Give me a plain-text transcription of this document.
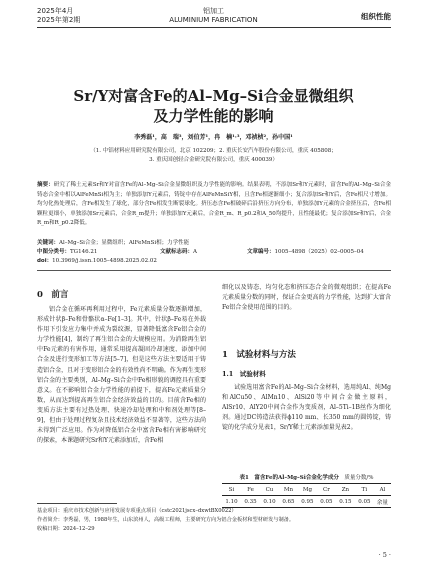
2025年4月
2025年第2期
铝加工
ALUMINIUM FABRICATION	组织性能
Sr/Y对富含Fe的Al–Mg–Si合金显微组织
及力学性能的影响
李秀磊¹，高　瑞³，刘伯芳¹，冉　楠¹·³，邓祯桢²，孙中国¹
（1. 中铝材料应用研究院有限公司，北京 102209；2. 重庆长安汽车股份有限公司，重庆 405808；
3. 重庆国创轻合金研究院有限公司，重庆 400039）
摘要：研究了稀土元素Sr和Y对富含Fe的Al–Mg–Si合金显微组织及力学性能的影响。结果表明，不添加Sr和Y元素时，富含Fe的Al–Mg–Si合金铸态合金中相以AlFeMnSi相为主；单独添加Y元素后，铸锭中存在AlFeMnSiY相，且含Fe相逐渐细小；复合添加Sr和Y后，含Fe相尺寸增加。均匀化热处理后，含Fe相发生了球化，部分含Fe相发生断裂球化。挤压态含Fe相破碎后沿挤压方向分布，单独添加Y元素的合金挤压后，含Fe相颗粒更细小，单独添加Sr元素后，合金R_m提升；单独添加Y元素后，合金R_m、R_p0.2和A_50均提升，且性能最优；复合添加Sr和Y后，合金R_m和R_p0.2降低。
关键词：Al–Mg–Si合金；显微组织；AlFeMnSi相；力学性能
中图分类号：TG146.21	文献标志码：A	文章编号：1005–4898（2025）02–0005–04
doi：10.3969/j.issn.1005–4898.2025.02.02
0　前言
铝合金在循环再利用过程中，Fe元素质量分数逐渐增加，形成针状β–Fe和骨骼状α–Fe[1–3]。其中，针状β–Fe易在外载作用下引发应力集中并成为裂纹源，显著降低富含Fe铝合金的力学性能[4]，制约了再生铝合金的大规模应用。为消除再生铝中Fe元素的有害作用，通常采用提高凝固冷却速度、添加中间合金及进行变形加工等方法[5–7]，但是这些方法主要适用于铸造铝合金，且对于变形铝合金的有效性尚不明确。作为再生变形铝合金的主要类别，Al–Mg–Si合金中Fe相形貌的调控具有重要意义。在不影响铝合金力学性能的前提下，提高Fe元素质量分数，从而达到提高再生铝合金经济效益的目的。目前含Fe相的变质方法主要有过热处理、快速冷却处理和中和剂处理等[8–9]，但由于处理过程复杂且技术经济效益不显著等，这些方法尚未得到广泛应用。作为对降低铝合金中富含Fe相有害影响研究的探索，本课题研究Sr和Y元素添加后，含Fe相
细化以及铸态、均匀化态和挤压态合金的微观组织；在提高Fe元素质量分数的同时，保证合金更高的力学性能，达到扩大富含Fe铝合金使用范围的目的。
1　试验材料与方法
1.1　试验材料
试验选用富含Fe的Al–Mg–Si合金材料，选用纯Al、纯Mg和AlCu50、AlMn10、AlSi20等中间合金做主原料，AlSr10、AlY20中间合金作为变质剂，Al–5Ti–1B丝作为细化剂。通过DC铸造法获得ϕ110 mm、长350 mm的圆铸锭，铸锭的化学成分见表1，Sr/Y稀土元素添加量见表2。
表1　富含Fe的Al–Mg–Si合金化学成分  质量分数/%
Si	Fe	Cu	Mn	Mg	Cr	Zn	Ti	Al
1.10	0.35	0.10	0.65	0.95	0.05	0.15	0.05	余量
基金项目：重庆市技术创新与应用发展专项重点项目（cstc2021jscx–dxwtBX0022）
作者简介：李秀磊，男，1988年生，山东滨州人，高级工程师，主要研究方向为铝合金板材和型材研发与制备。
收稿日期：2024–12–29
· 5 ·
